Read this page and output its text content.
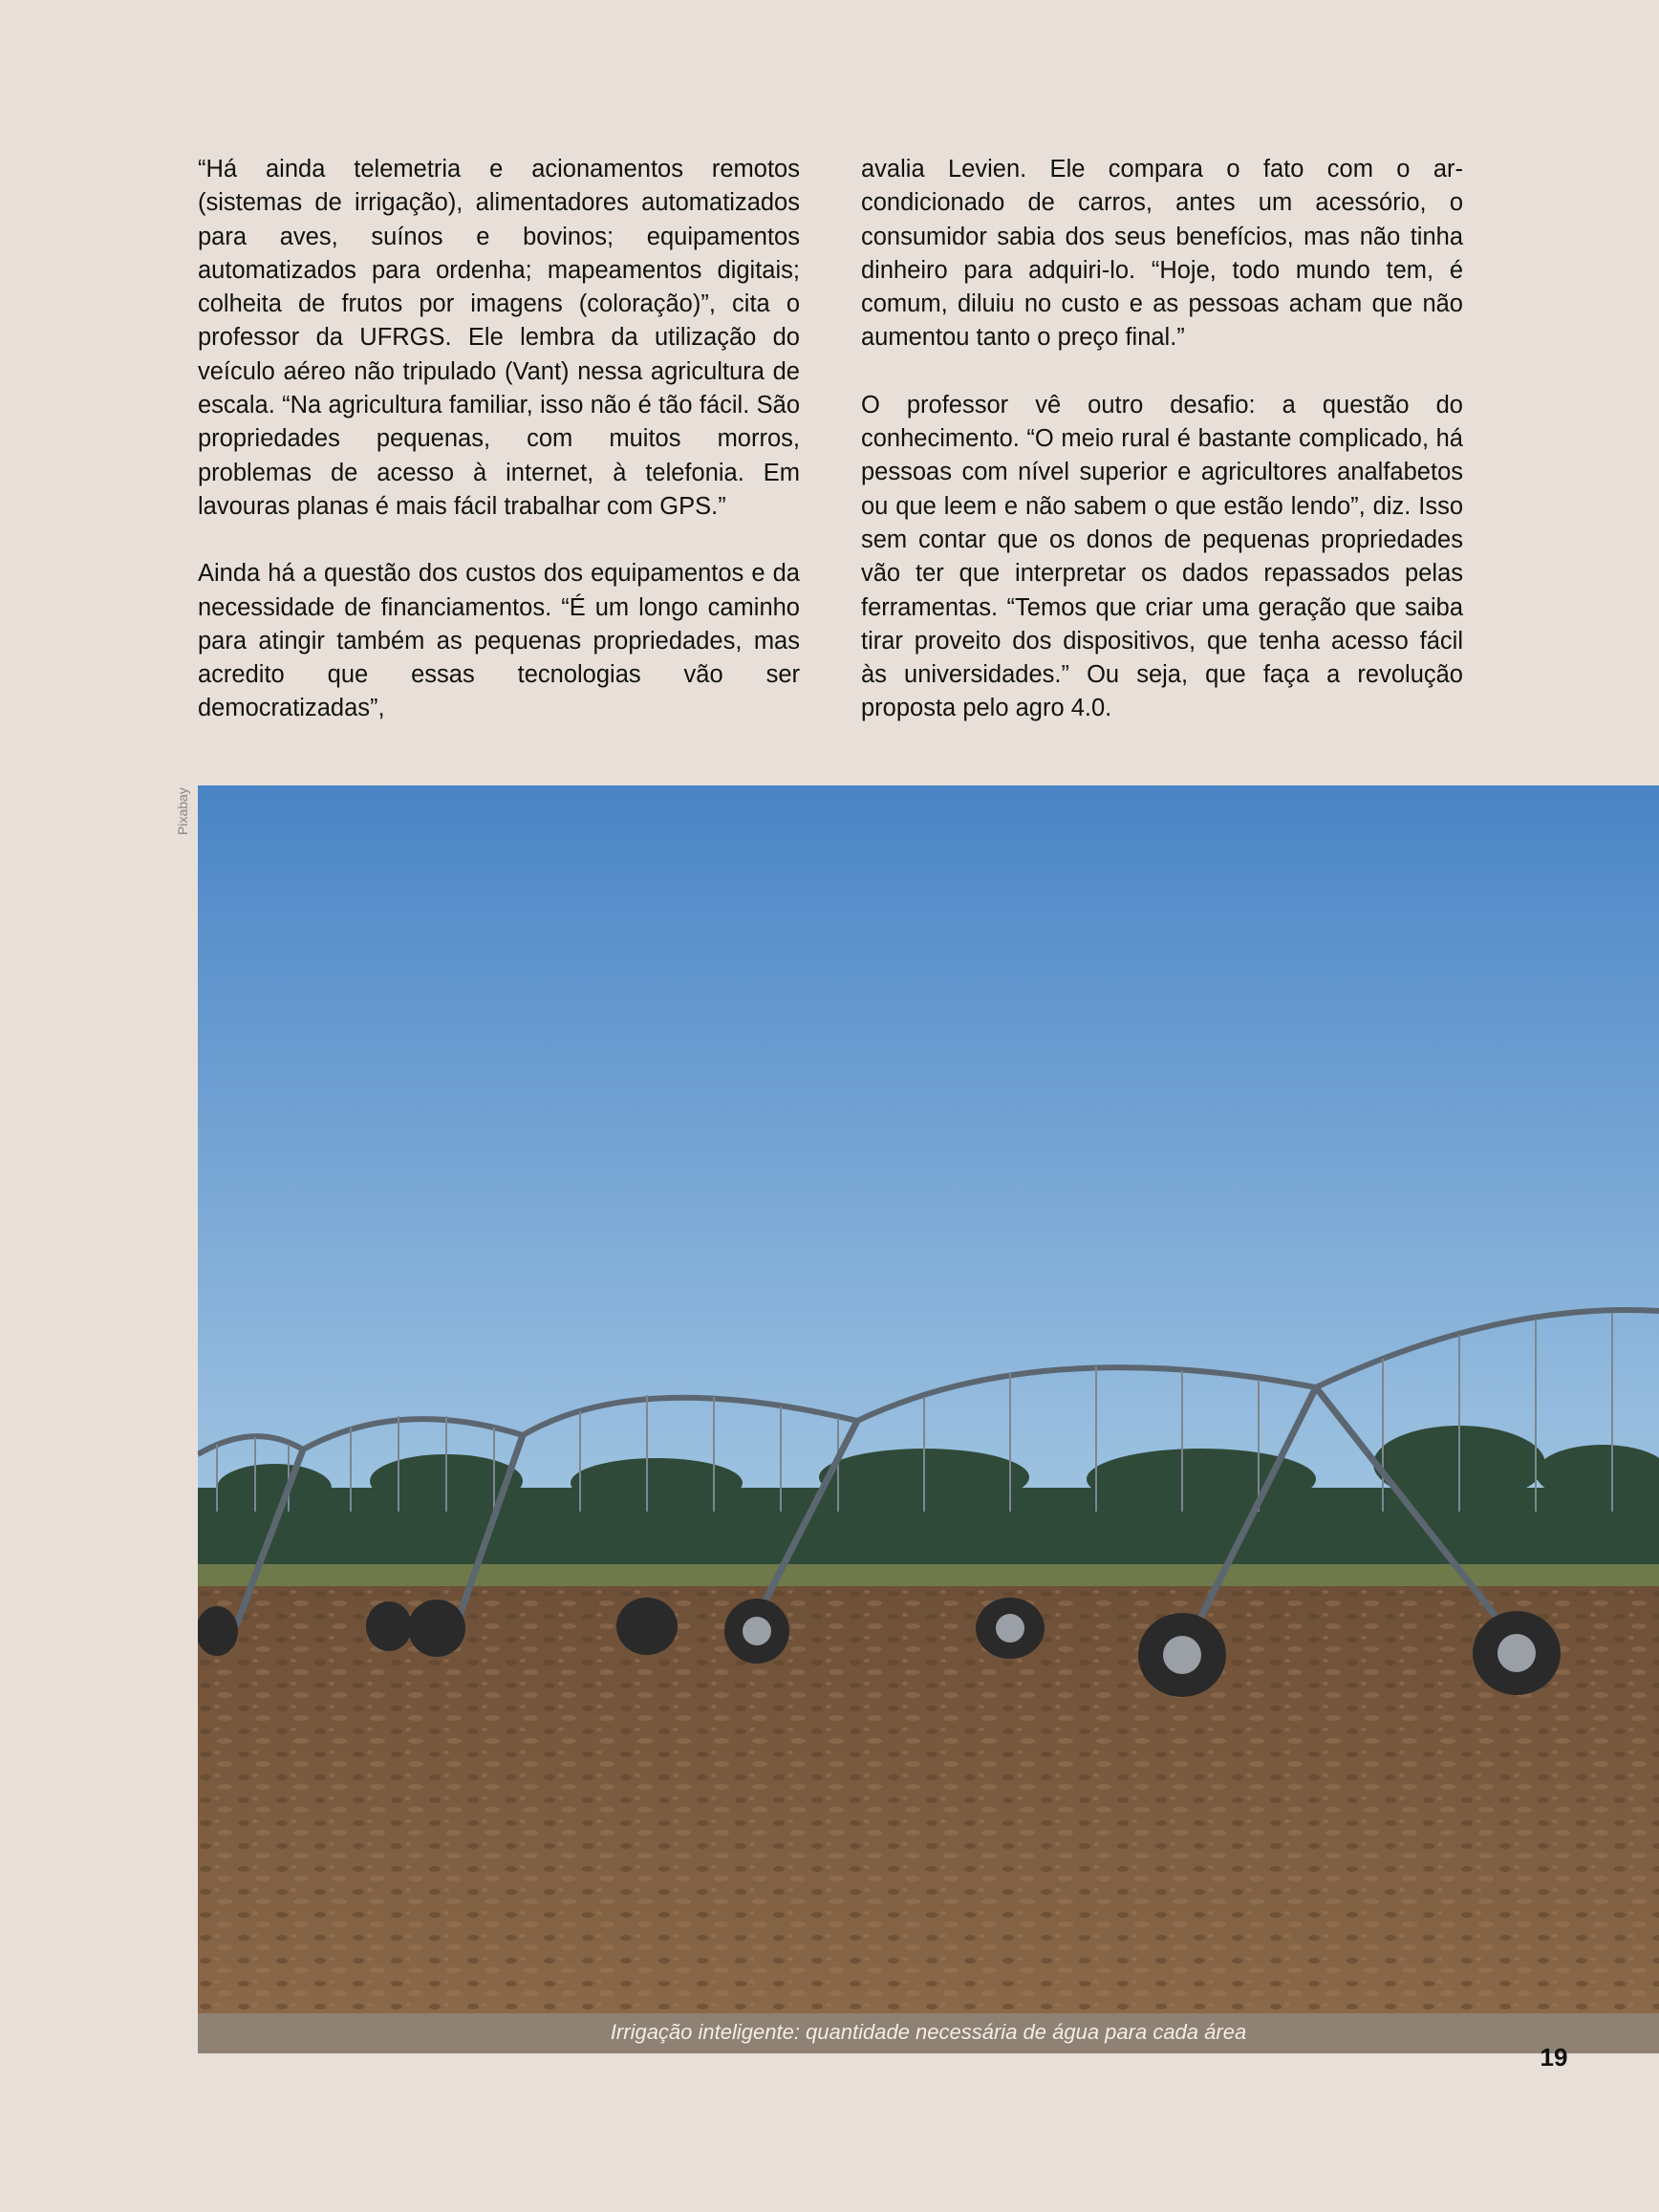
“Há ainda telemetria e acionamentos remotos (sistemas de irrigação), alimentadores automatizados para aves, suínos e bovinos; equipamentos automatizados para ordenha; mapeamentos digitais; colheita de frutos por imagens (coloração)”, cita o professor da UFRGS. Ele lembra da utilização do veículo aéreo não tripulado (Vant) nessa agricultura de escala. “Na agricultura familiar, isso não é tão fácil. São propriedades pequenas, com muitos morros, problemas de acesso à internet, à telefonia. Em lavouras planas é mais fácil trabalhar com GPS.”

Ainda há a questão dos custos dos equipamentos e da necessidade de financiamentos. “É um longo caminho para atingir também as pequenas propriedades, mas acredito que essas tecnologias vão ser democratizadas”,

avalia Levien. Ele compara o fato com o ar-condicionado de carros, antes um acessório, o consumidor sabia dos seus benefícios, mas não tinha dinheiro para adquiri-lo. “Hoje, todo mundo tem, é comum, diluiu no custo e as pessoas acham que não aumentou tanto o preço final.”

O professor vê outro desafio: a questão do conhecimento. “O meio rural é bastante complicado, há pessoas com nível superior e agricultores analfabetos ou que leem e não sabem o que estão lendo”, diz. Isso sem contar que os donos de pequenas propriedades vão ter que interpretar os dados repassados pelas ferramentas. “Temos que criar uma geração que saiba tirar proveito dos dispositivos, que tenha acesso fácil às universidades.” Ou seja, que faça a revolução proposta pelo agro 4.0.

Pixabay
Irrigação inteligente: quantidade necessária de água para cada área
19
